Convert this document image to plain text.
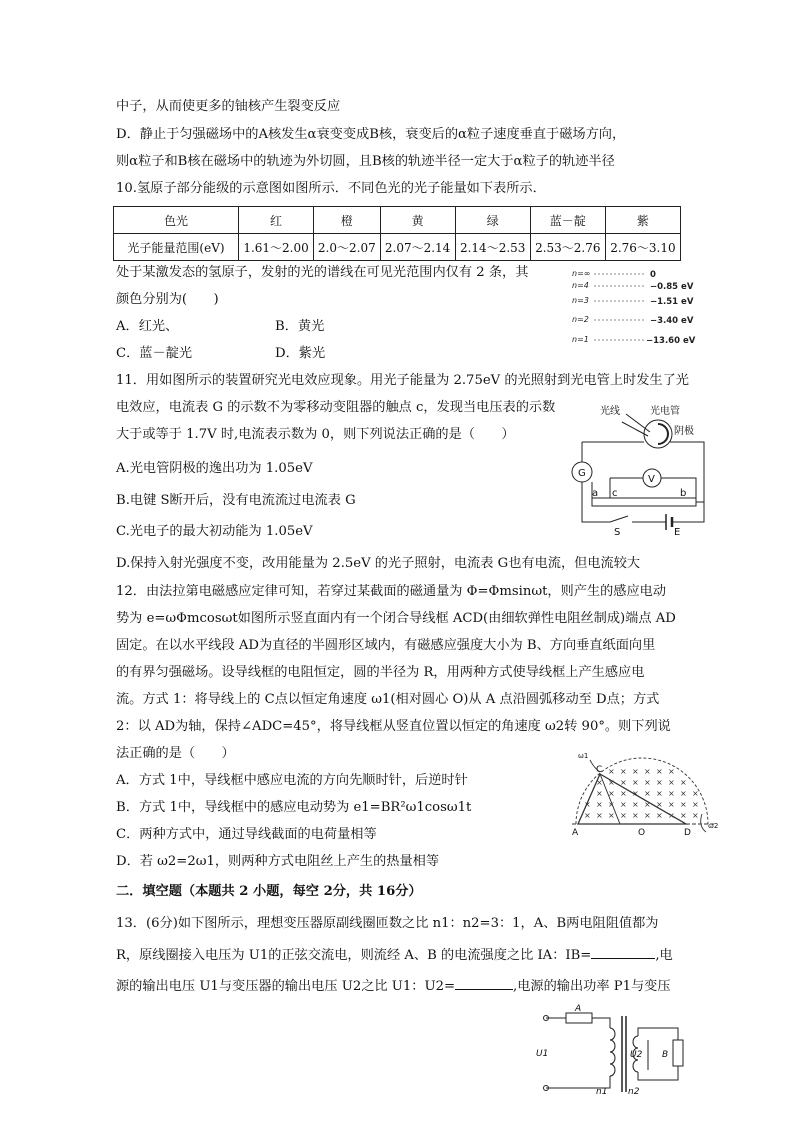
中子，从而使更多的铀核产生裂变反应
D．静止于匀强磁场中的A核发生α衰变变成B核，衰变后的α粒子速度垂直于磁场方向，
则α粒子和B核在磁场中的轨迹为外切圆，且B核的轨迹半径一定大于α粒子的轨迹半径
10.氢原子部分能级的示意图如图所示．不同色光的光子能量如下表所示．
色光	红	橙	黄	绿	蓝－靛	紫
光子能量范围(eV)	1.61～2.00	2.0～2.07	2.07～2.14	2.14～2.53	2.53～2.76	2.76～3.10
处于某激发态的氢原子，发射的光的谱线在可见光范围内仅有 2 条，其
颜色分别为(　　)
A．红光、	B．黄光
C．蓝－靛光	D．紫光
n=∞
n=4
n=3
n=2
n=1
0
−0.85 eV
−1.51 eV
−3.40 eV
−13.60 eV
11．用如图所示的装置研究光电效应现象。用光子能量为 2.75eV 的光照射到光电管上时发生了光
电效应，电流表 G 的示数不为零移动变阻器的触点 c，发现当电压表的示数
大于或等于 1.7V 时,电流表示数为 0，则下列说法正确的是（　　）
A.光电管阴极的逸出功为 1.05eV
B.电键 S断开后，没有电流流过电流表 G
C.光电子的最大初动能为 1.05eV
D.保持入射光强度不变，改用能量为 2.5eV 的光子照射，电流表 G也有电流，但电流较大
光线	光电管
阴极
G
V
a c	b
S	E
12．由法拉第电磁感应定律可知，若穿过某截面的磁通量为 Φ=Φmsinωt，则产生的感应电动
势为 e=ωΦmcosωt如图所示竖直面内有一个闭合导线框 ACD(由细软弹性电阻丝制成)端点 AD
固定。在以水平线段 AD为直径的半圆形区域内，有磁感应强度大小为 B、方向垂直纸面向里
的有界匀强磁场。设导线框的电阻恒定，圆的半径为 R，用两种方式使导线框上产生感应电
流。方式 1：将导线上的 C点以恒定角速度 ω1(相对圆心 O)从 A 点沿圆弧移动至 D点；方式
2：以 AD为轴，保持∠ADC=45°，将导线框从竖直位置以恒定的角速度 ω2转 90°。则下列说
法正确的是（　　）
A．方式 1中，导线框中感应电流的方向先顺时针，后逆时针
B．方式 1中，导线框中的感应电动势为 e1=BR²ω1cosω1t
C．两种方式中，通过导线截面的电荷量相等
D．若 ω2=2ω1，则两种方式电阻丝上产生的热量相等
× × × × × ×
× × × × × × × ×
× × × × × × × × ×
× × × × × × × × × ×
× × × × × × × × × ×
A	O	D
C
ω1
ω2
二．填空题（本题共 2 小题，每空 2分，共 16分）
13．(6分)如下图所示，理想变压器原副线圈匝数之比 n1：n2=3：1，A、B两电阻阻值都为
R，原线圈接入电压为 U1的正弦交流电，则流经 A、B 的电流强度之比 IA：IB=	,电
源的输出电压 U1与变压器的输出电压 U2之比 U1：U2=	,电源的输出功率 P1与变压
A
B
U1	U2
n1 n2
